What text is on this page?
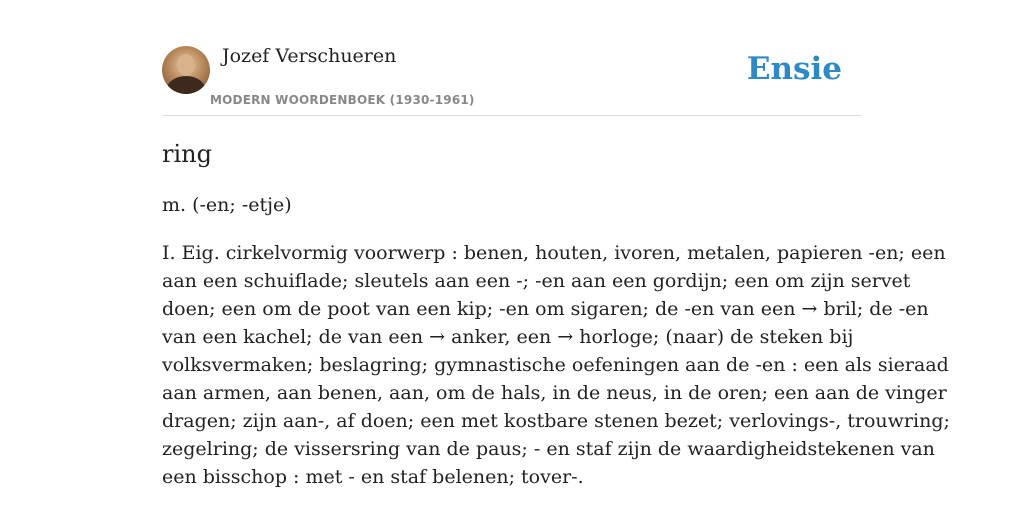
Jozef Verschueren
MODERN WOORDENBOEK (1930-1961)
Ensie
ring
m. (-en; -etje)
I. Eig. cirkelvormig voorwerp : benen, houten, ivoren, metalen, papieren -en; een
aan een schuiflade; sleutels aan een -; -en aan een gordijn; een om zijn servet
doen; een om de poot van een kip; -en om sigaren; de -en van een → bril; de -en
van een kachel; de van een → anker, een → horloge; (naar) de steken bij
volksvermaken; beslagring; gymnastische oefeningen aan de -en : een als sieraad
aan armen, aan benen, aan, om de hals, in de neus, in de oren; een aan de vinger
dragen; zijn aan-, af doen; een met kostbare stenen bezet; verlovings-, trouwring;
zegelring; de vissersring van de paus; - en staf zijn de waardigheidstekenen van
een bisschop : met - en staf belenen; tover-.
